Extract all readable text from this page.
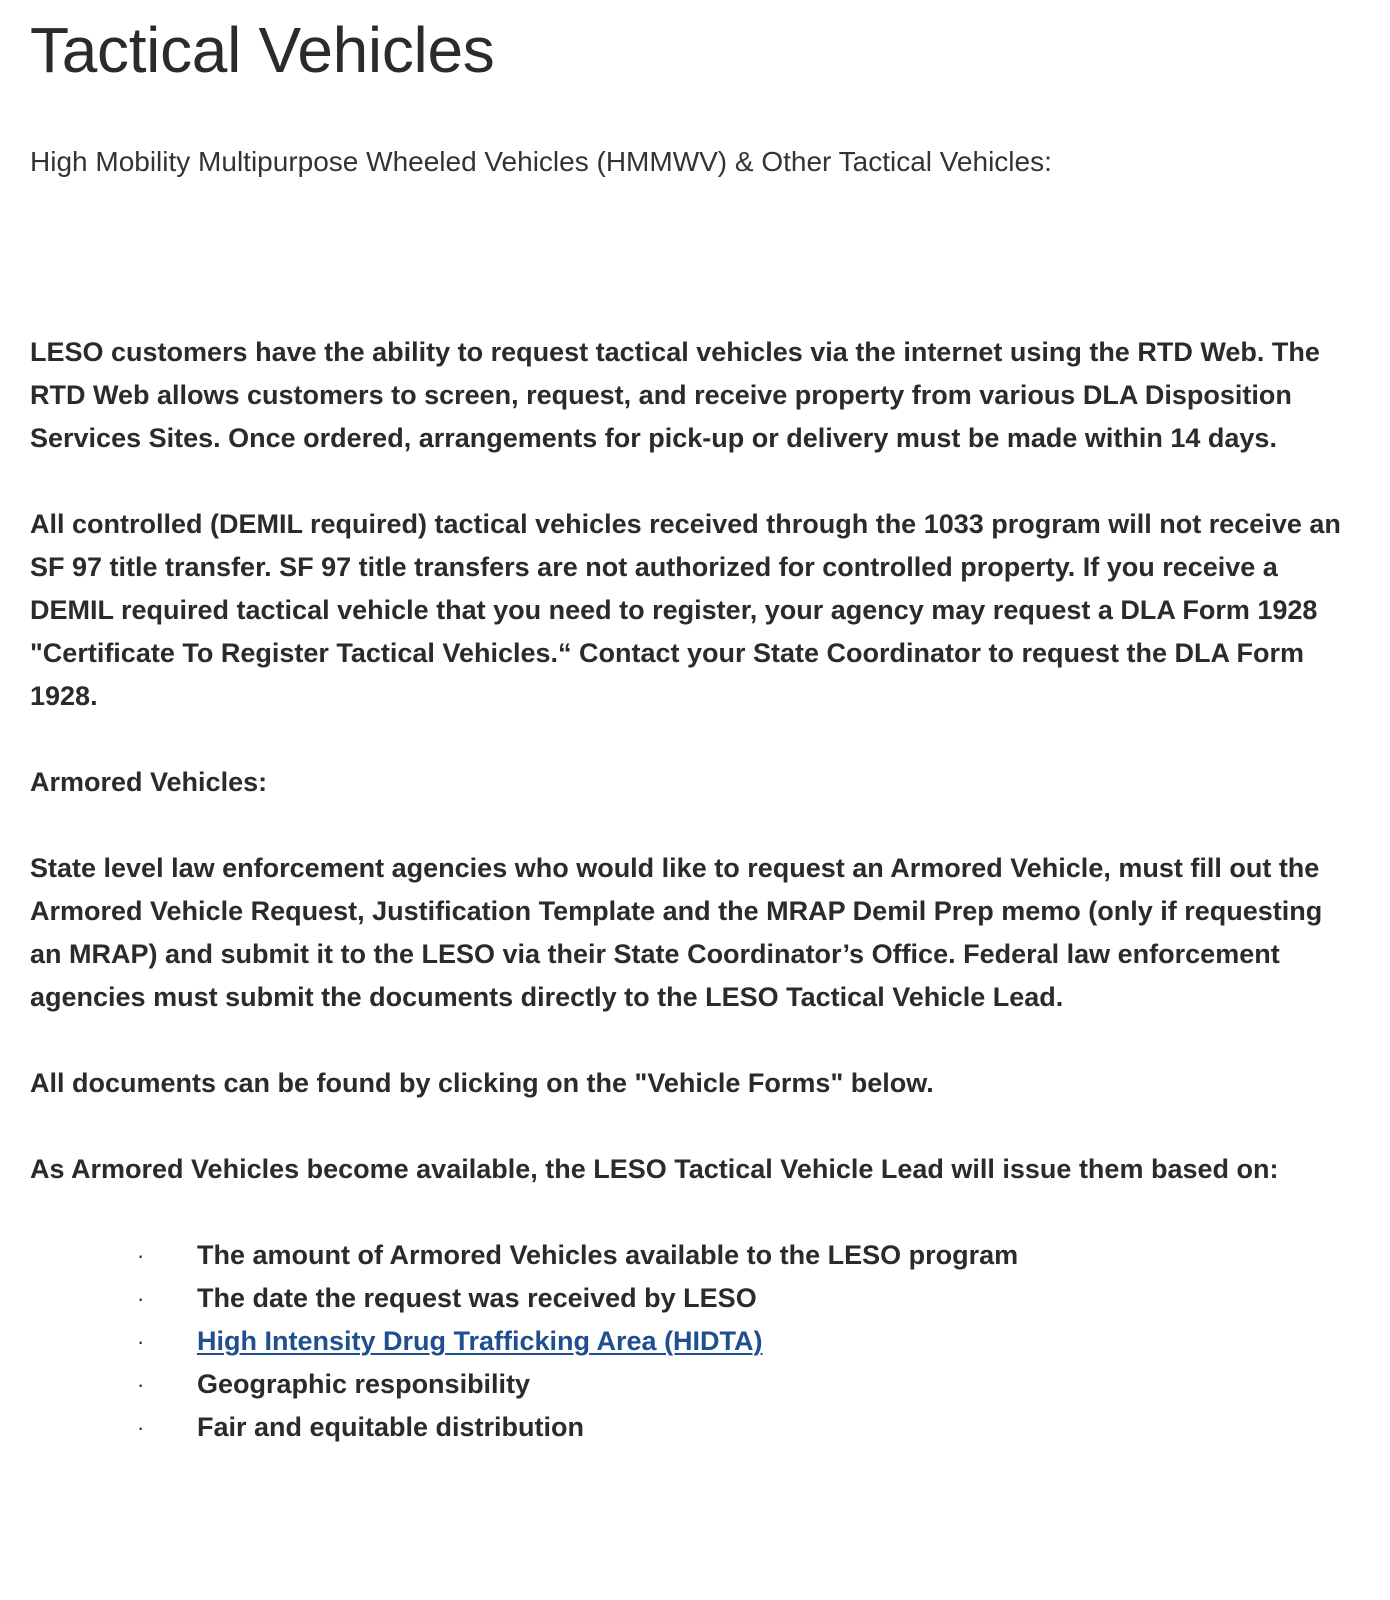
Tactical Vehicles

High Mobility Multipurpose Wheeled Vehicles (HMMWV) & Other Tactical Vehicles:

LESO customers have the ability to request tactical vehicles via the internet using the RTD Web. The RTD Web allows customers to screen, request, and receive property from various DLA Disposition Services Sites. Once ordered, arrangements for pick-up or delivery must be made within 14 days.

All controlled (DEMIL required) tactical vehicles received through the 1033 program will not receive an SF 97 title transfer. SF 97 title transfers are not authorized for controlled property. If you receive a DEMIL required tactical vehicle that you need to register, your agency may request a DLA Form 1928 "Certificate To Register Tactical Vehicles.“ Contact your State Coordinator to request the DLA Form 1928.

Armored Vehicles:

State level law enforcement agencies who would like to request an Armored Vehicle, must fill out the Armored Vehicle Request, Justification Template and the MRAP Demil Prep memo (only if requesting an MRAP) and submit it to the LESO via their State Coordinator’s Office. Federal law enforcement agencies must submit the documents directly to the LESO Tactical Vehicle Lead.

All documents can be found by clicking on the "Vehicle Forms" below.

As Armored Vehicles become available, the LESO Tactical Vehicle Lead will issue them based on:

· The amount of Armored Vehicles available to the LESO program
· The date the request was received by LESO
· High Intensity Drug Trafficking Area (HIDTA)
· Geographic responsibility
· Fair and equitable distribution
